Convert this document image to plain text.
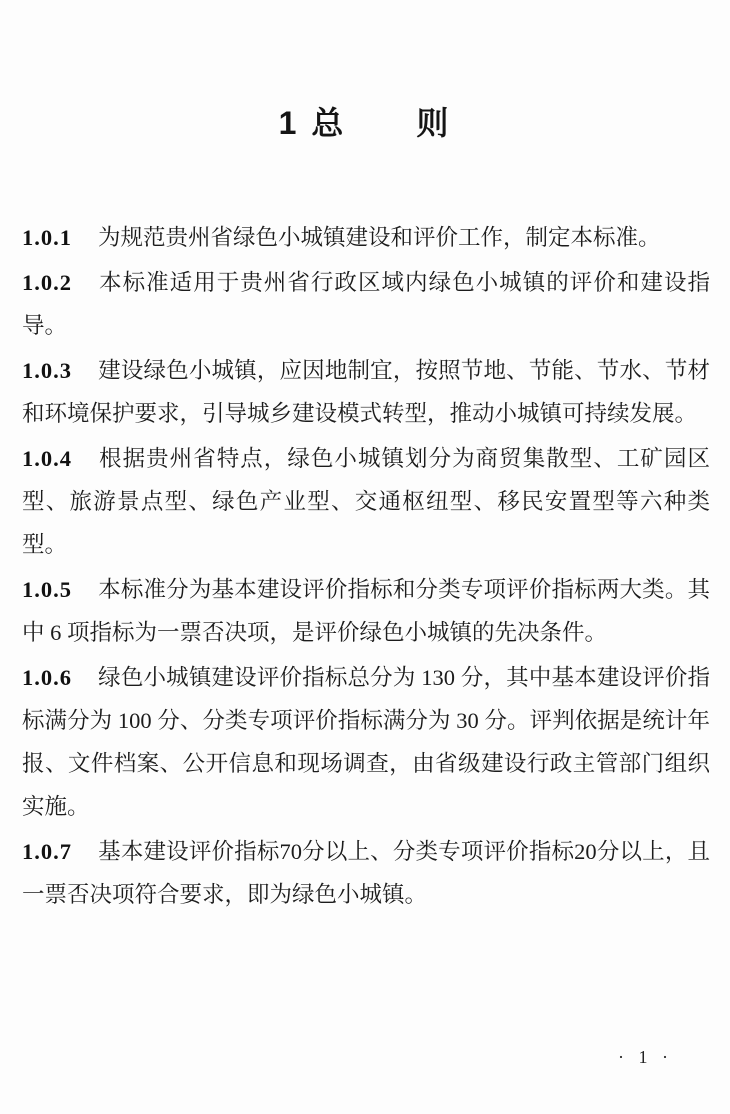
1 总　　则

1.0.1 为规范贵州省绿色小城镇建设和评价工作，制定本标准。

1.0.2 本标准适用于贵州省行政区域内绿色小城镇的评价和建设指导。

1.0.3 建设绿色小城镇，应因地制宜，按照节地、节能、节水、节材和环境保护要求，引导城乡建设模式转型，推动小城镇可持续发展。

1.0.4 根据贵州省特点，绿色小城镇划分为商贸集散型、工矿园区型、旅游景点型、绿色产业型、交通枢纽型、移民安置型等六种类型。

1.0.5 本标准分为基本建设评价指标和分类专项评价指标两大类。其中 6 项指标为一票否决项，是评价绿色小城镇的先决条件。

1.0.6 绿色小城镇建设评价指标总分为 130 分，其中基本建设评价指标满分为 100 分、分类专项评价指标满分为 30 分。评判依据是统计年报、文件档案、公开信息和现场调查，由省级建设行政主管部门组织实施。

1.0.7 基本建设评价指标70分以上、分类专项评价指标20分以上，且一票否决项符合要求，即为绿色小城镇。

· 1 ·
